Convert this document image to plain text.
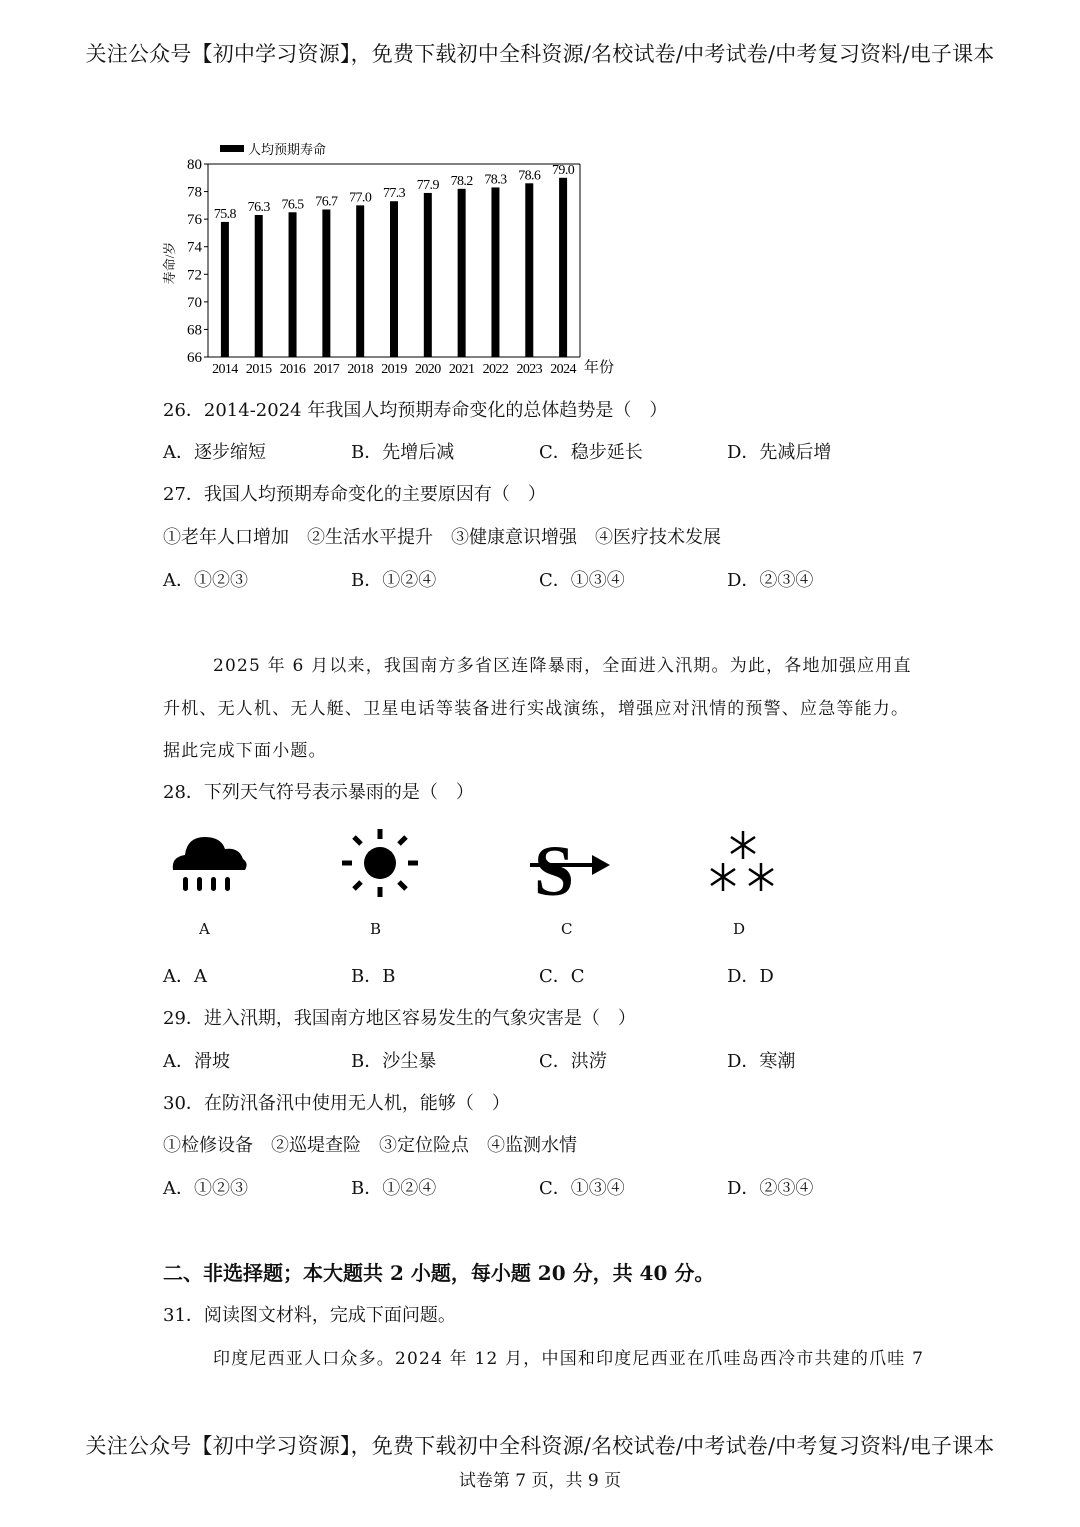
关注公众号【初中学习资源】，免费下载初中全科资源/名校试卷/中考试卷/中考复习资料/电子课本
人均预期寿命
66
68
70
72
74
76
78
80
75.8
2014
76.3
2015
76.5
2016
76.7
2017
77.0
2018
77.3
2019
77.9
2020
78.2
2021
78.3
2022
78.6
2023
79.0
2024
寿命/岁
年份
26．2014-2024 年我国人均预期寿命变化的总体趋势是（　）
A．逐步缩短	B．先增后减	C．稳步延长	D．先减后增
27．我国人均预期寿命变化的主要原因有（　）
①老年人口增加　②生活水平提升　③健康意识增强　④医疗技术发展
A．①②③	B．①②④	C．①③④	D．②③④
2025 年 6 月以来，我国南方多省区连降暴雨，全面进入汛期。为此，各地加强应用直
升机、无人机、无人艇、卫星电话等装备进行实战演练，增强应对汛情的预警、应急等能力。
据此完成下面小题。
28．下列天气符号表示暴雨的是（　）
S
A	B	C	D
A．A	B．B	C．C	D．D
29．进入汛期，我国南方地区容易发生的气象灾害是（　）
A．滑坡	B．沙尘暴	C．洪涝	D．寒潮
30．在防汛备汛中使用无人机，能够（　）
①检修设备　②巡堤查险　③定位险点　④监测水情
A．①②③	B．①②④	C．①③④	D．②③④
二、非选择题；本大题共 2 小题，每小题 20 分，共 40 分。
31．阅读图文材料，完成下面问题。
印度尼西亚人口众多。2024 年 12 月，中国和印度尼西亚在爪哇岛西冷市共建的爪哇 7
关注公众号【初中学习资源】，免费下载初中全科资源/名校试卷/中考试卷/中考复习资料/电子课本
试卷第 7 页，共 9 页
